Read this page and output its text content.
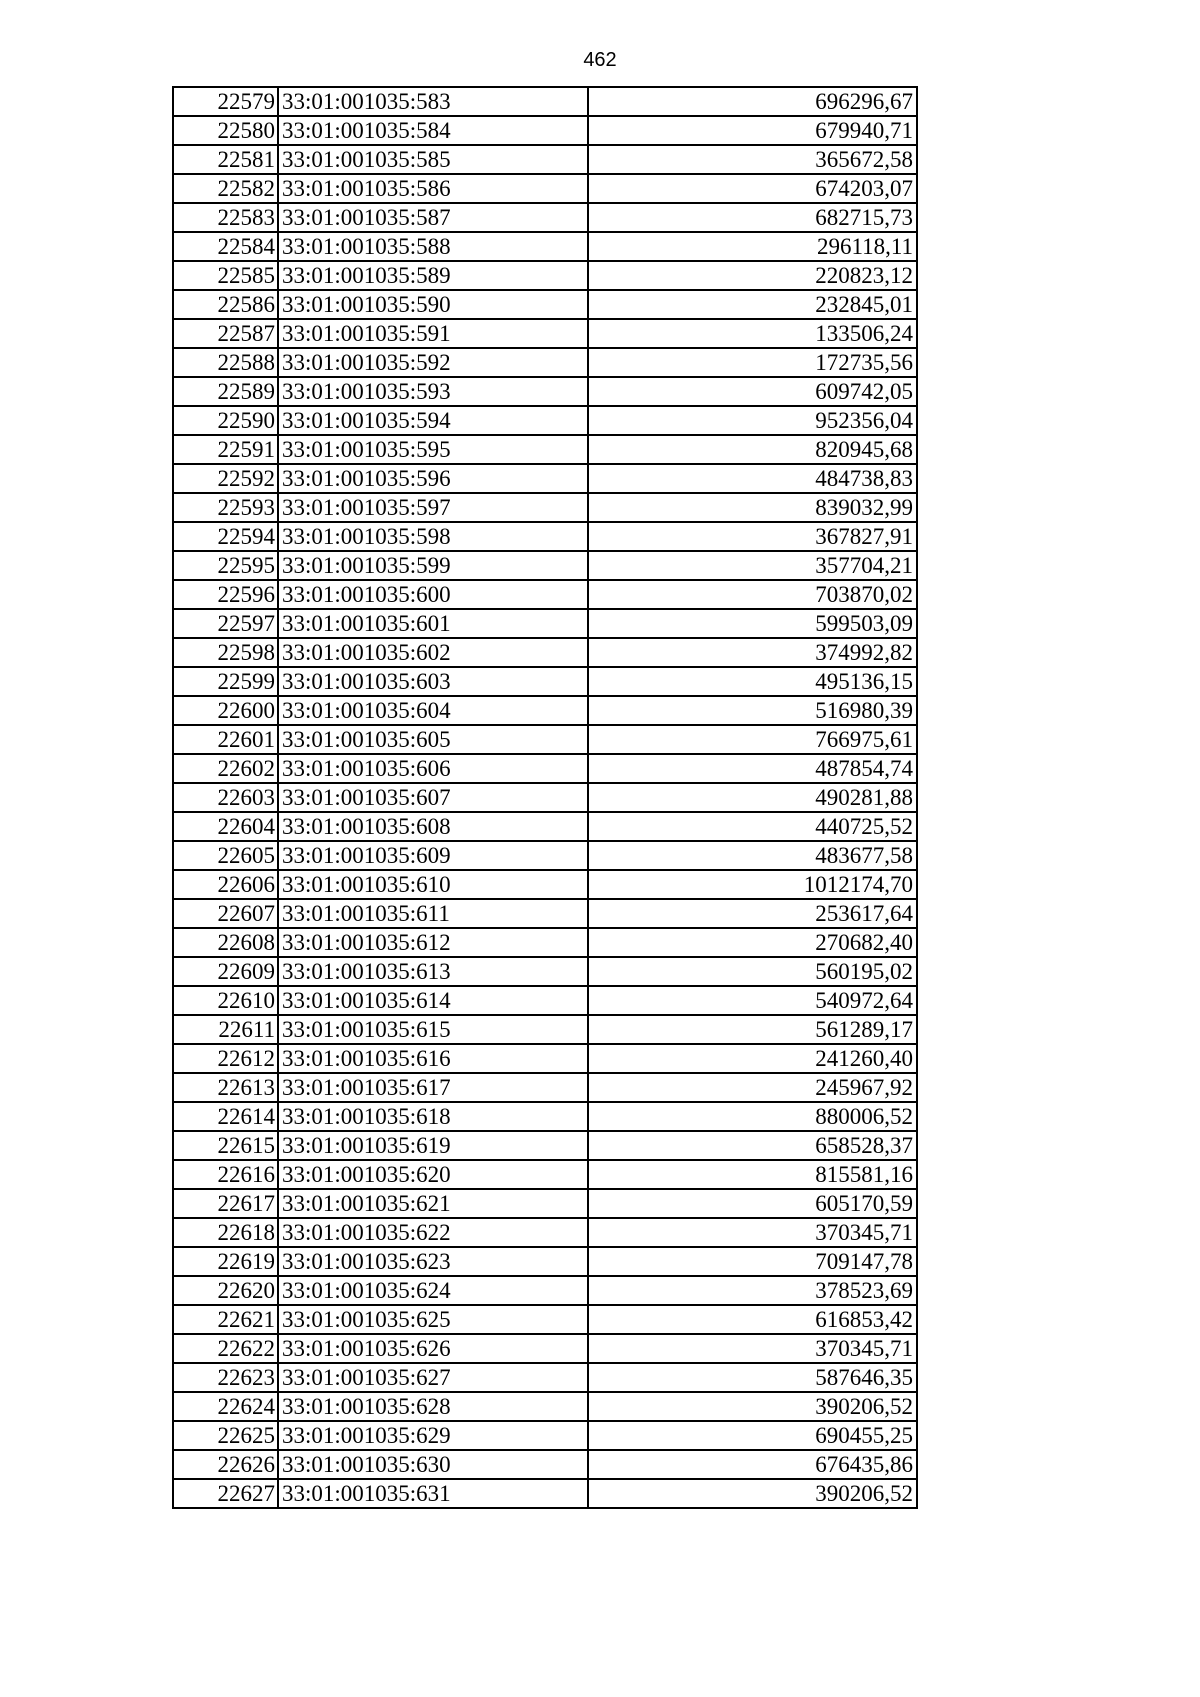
462
22579	33:01:001035:583	696296,67
22580	33:01:001035:584	679940,71
22581	33:01:001035:585	365672,58
22582	33:01:001035:586	674203,07
22583	33:01:001035:587	682715,73
22584	33:01:001035:588	296118,11
22585	33:01:001035:589	220823,12
22586	33:01:001035:590	232845,01
22587	33:01:001035:591	133506,24
22588	33:01:001035:592	172735,56
22589	33:01:001035:593	609742,05
22590	33:01:001035:594	952356,04
22591	33:01:001035:595	820945,68
22592	33:01:001035:596	484738,83
22593	33:01:001035:597	839032,99
22594	33:01:001035:598	367827,91
22595	33:01:001035:599	357704,21
22596	33:01:001035:600	703870,02
22597	33:01:001035:601	599503,09
22598	33:01:001035:602	374992,82
22599	33:01:001035:603	495136,15
22600	33:01:001035:604	516980,39
22601	33:01:001035:605	766975,61
22602	33:01:001035:606	487854,74
22603	33:01:001035:607	490281,88
22604	33:01:001035:608	440725,52
22605	33:01:001035:609	483677,58
22606	33:01:001035:610	1012174,70
22607	33:01:001035:611	253617,64
22608	33:01:001035:612	270682,40
22609	33:01:001035:613	560195,02
22610	33:01:001035:614	540972,64
22611	33:01:001035:615	561289,17
22612	33:01:001035:616	241260,40
22613	33:01:001035:617	245967,92
22614	33:01:001035:618	880006,52
22615	33:01:001035:619	658528,37
22616	33:01:001035:620	815581,16
22617	33:01:001035:621	605170,59
22618	33:01:001035:622	370345,71
22619	33:01:001035:623	709147,78
22620	33:01:001035:624	378523,69
22621	33:01:001035:625	616853,42
22622	33:01:001035:626	370345,71
22623	33:01:001035:627	587646,35
22624	33:01:001035:628	390206,52
22625	33:01:001035:629	690455,25
22626	33:01:001035:630	676435,86
22627	33:01:001035:631	390206,52
